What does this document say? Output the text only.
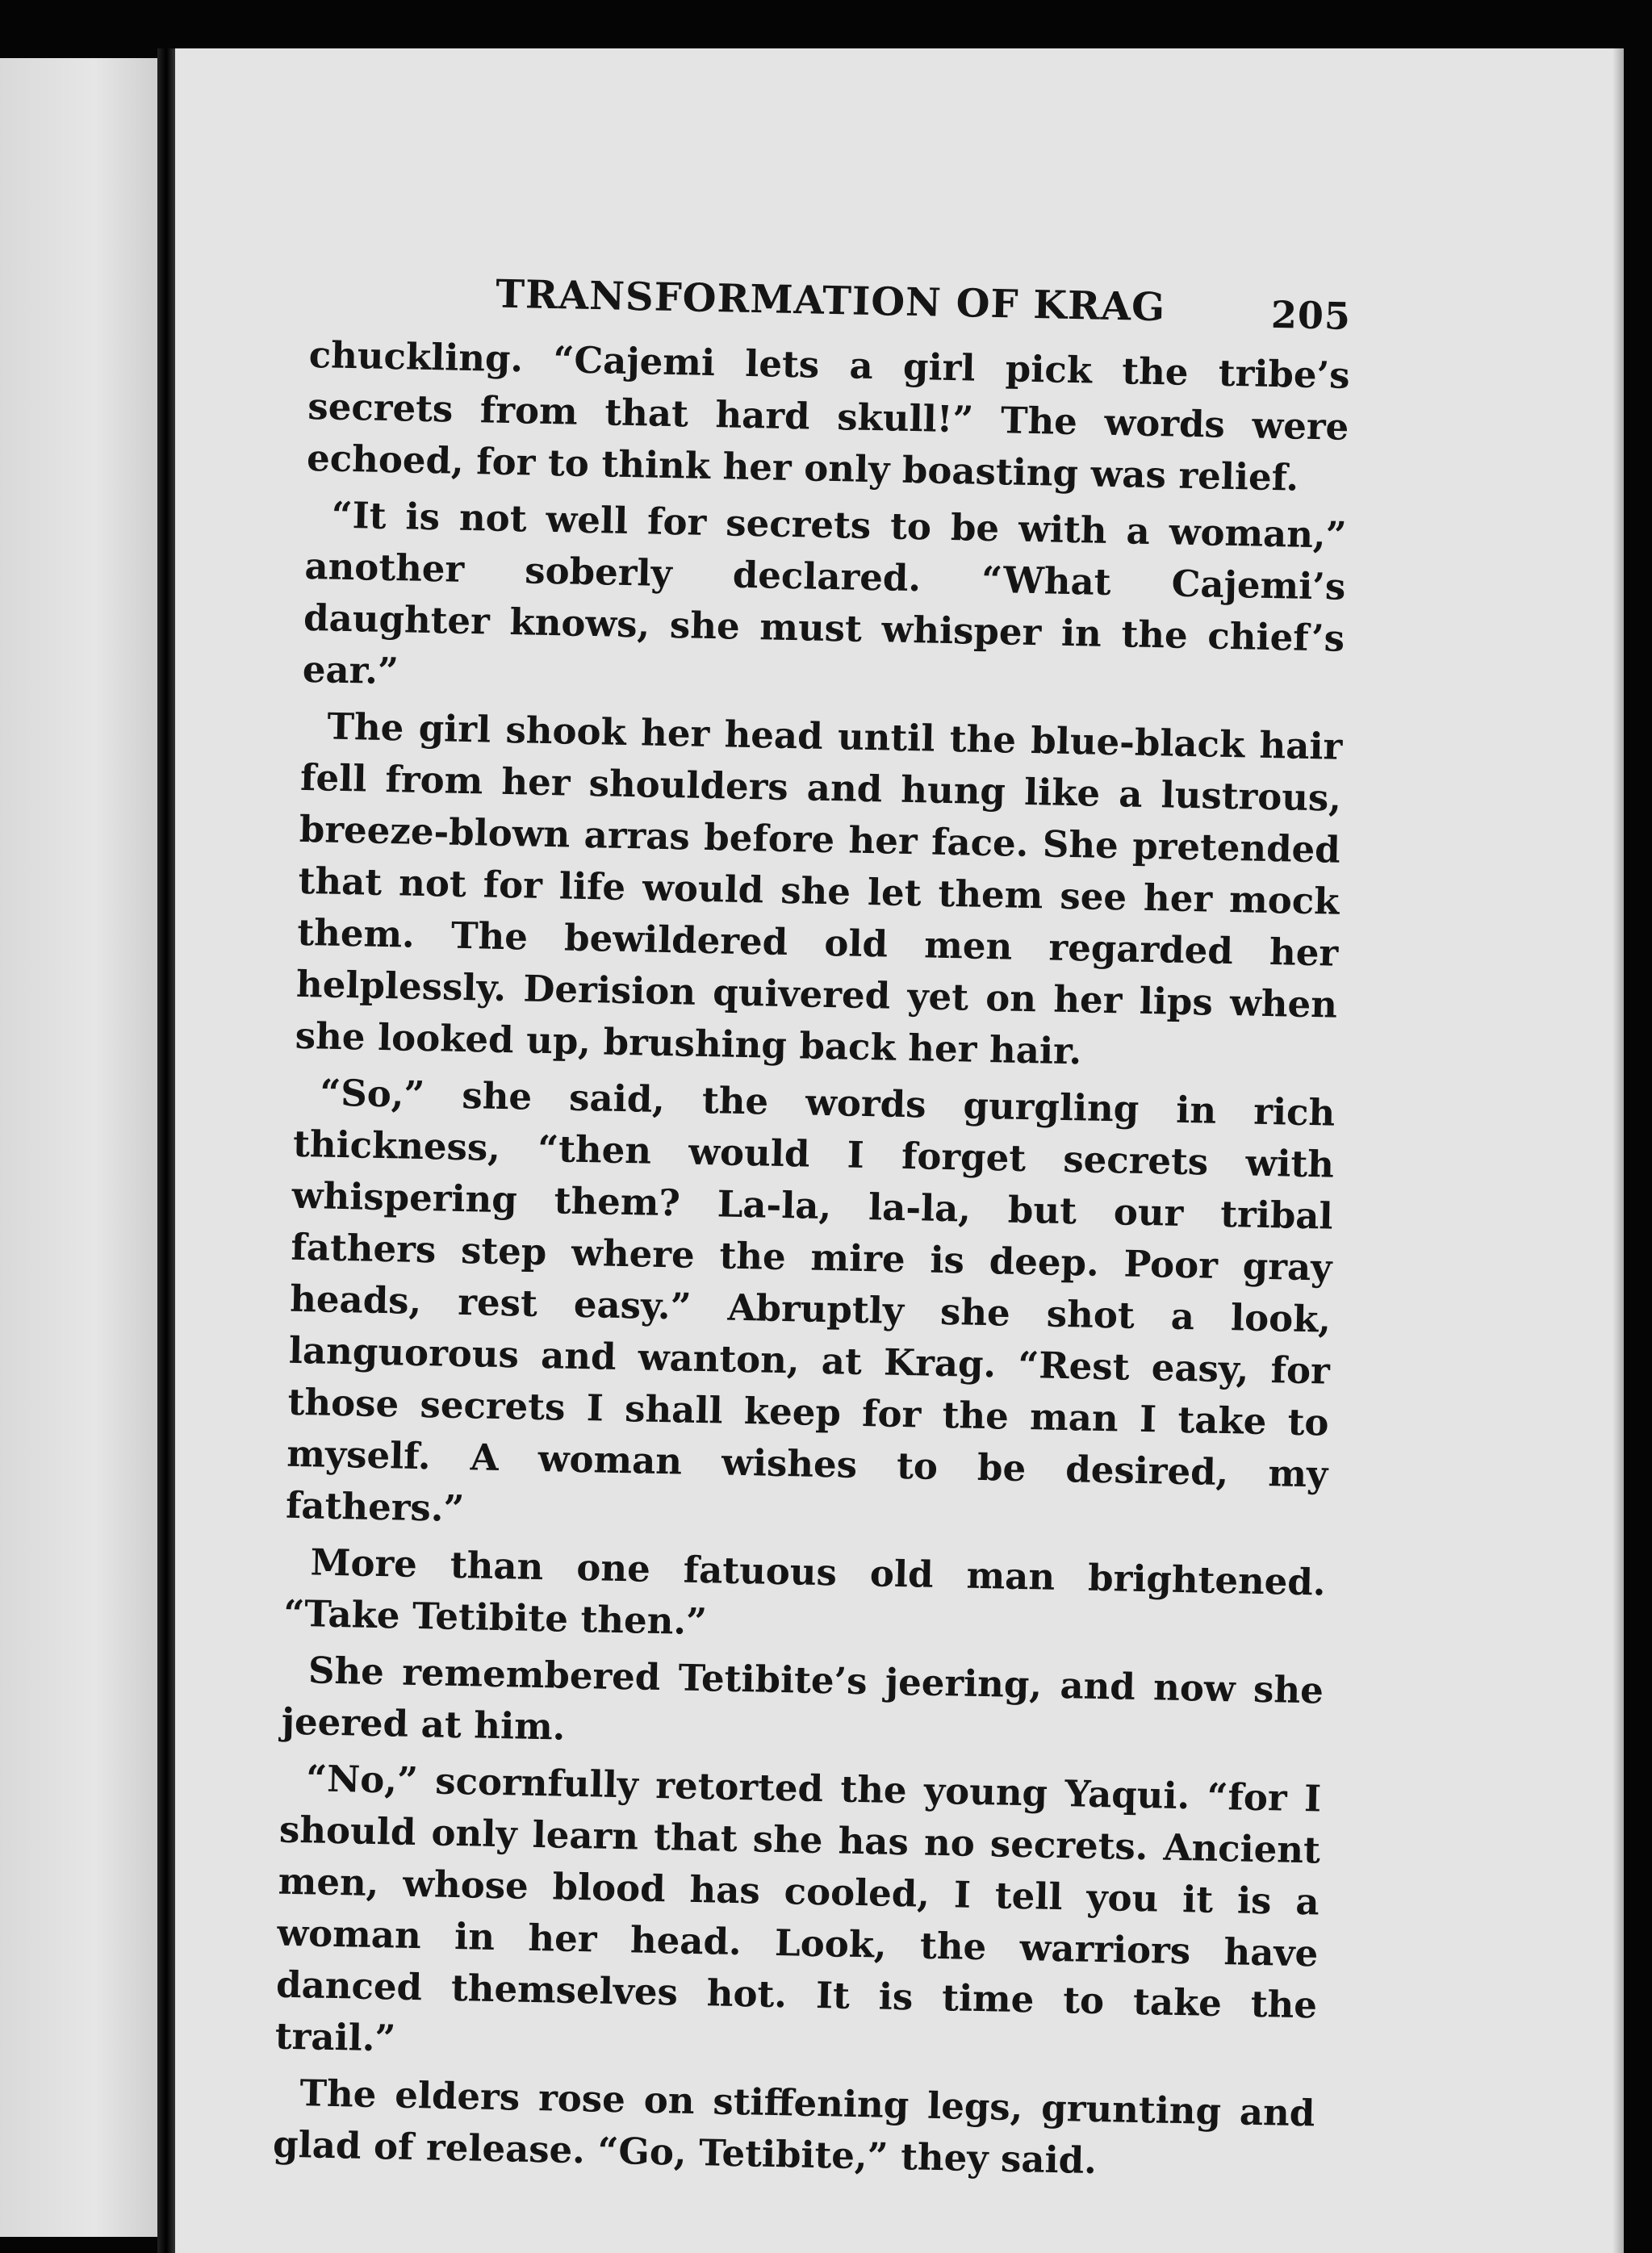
TRANSFORMATION OF KRAG	205

chuckling. “Cajemi lets a girl pick the tribe’s secrets from that hard skull!” The words were echoed, for to think her only boasting was relief.

“It is not well for secrets to be with a woman,” another soberly declared. “What Cajemi’s daughter knows, she must whisper in the chief’s ear.”

The girl shook her head until the blue-black hair fell from her shoulders and hung like a lustrous, breeze-blown arras before her face. She pretended that not for life would she let them see her mock them. The bewildered old men regarded her helplessly. Derision quivered yet on her lips when she looked up, brushing back her hair.

“So,” she said, the words gurgling in rich thickness, “then would I forget secrets with whispering them? La-la, la-la, but our tribal fathers step where the mire is deep. Poor gray heads, rest easy.” Abruptly she shot a look, languorous and wanton, at Krag. “Rest easy, for those secrets I shall keep for the man I take to myself. A woman wishes to be desired, my fathers.”

More than one fatuous old man brightened. “Take Tetibite then.”

She remembered Tetibite’s jeering, and now she jeered at him.

“No,” scornfully retorted the young Yaqui. “for I should only learn that she has no secrets. Ancient men, whose blood has cooled, I tell you it is a woman in her head. Look, the warriors have danced themselves hot. It is time to take the trail.”

The elders rose on stiffening legs, grunting and glad of release. “Go, Tetibite,” they said.
